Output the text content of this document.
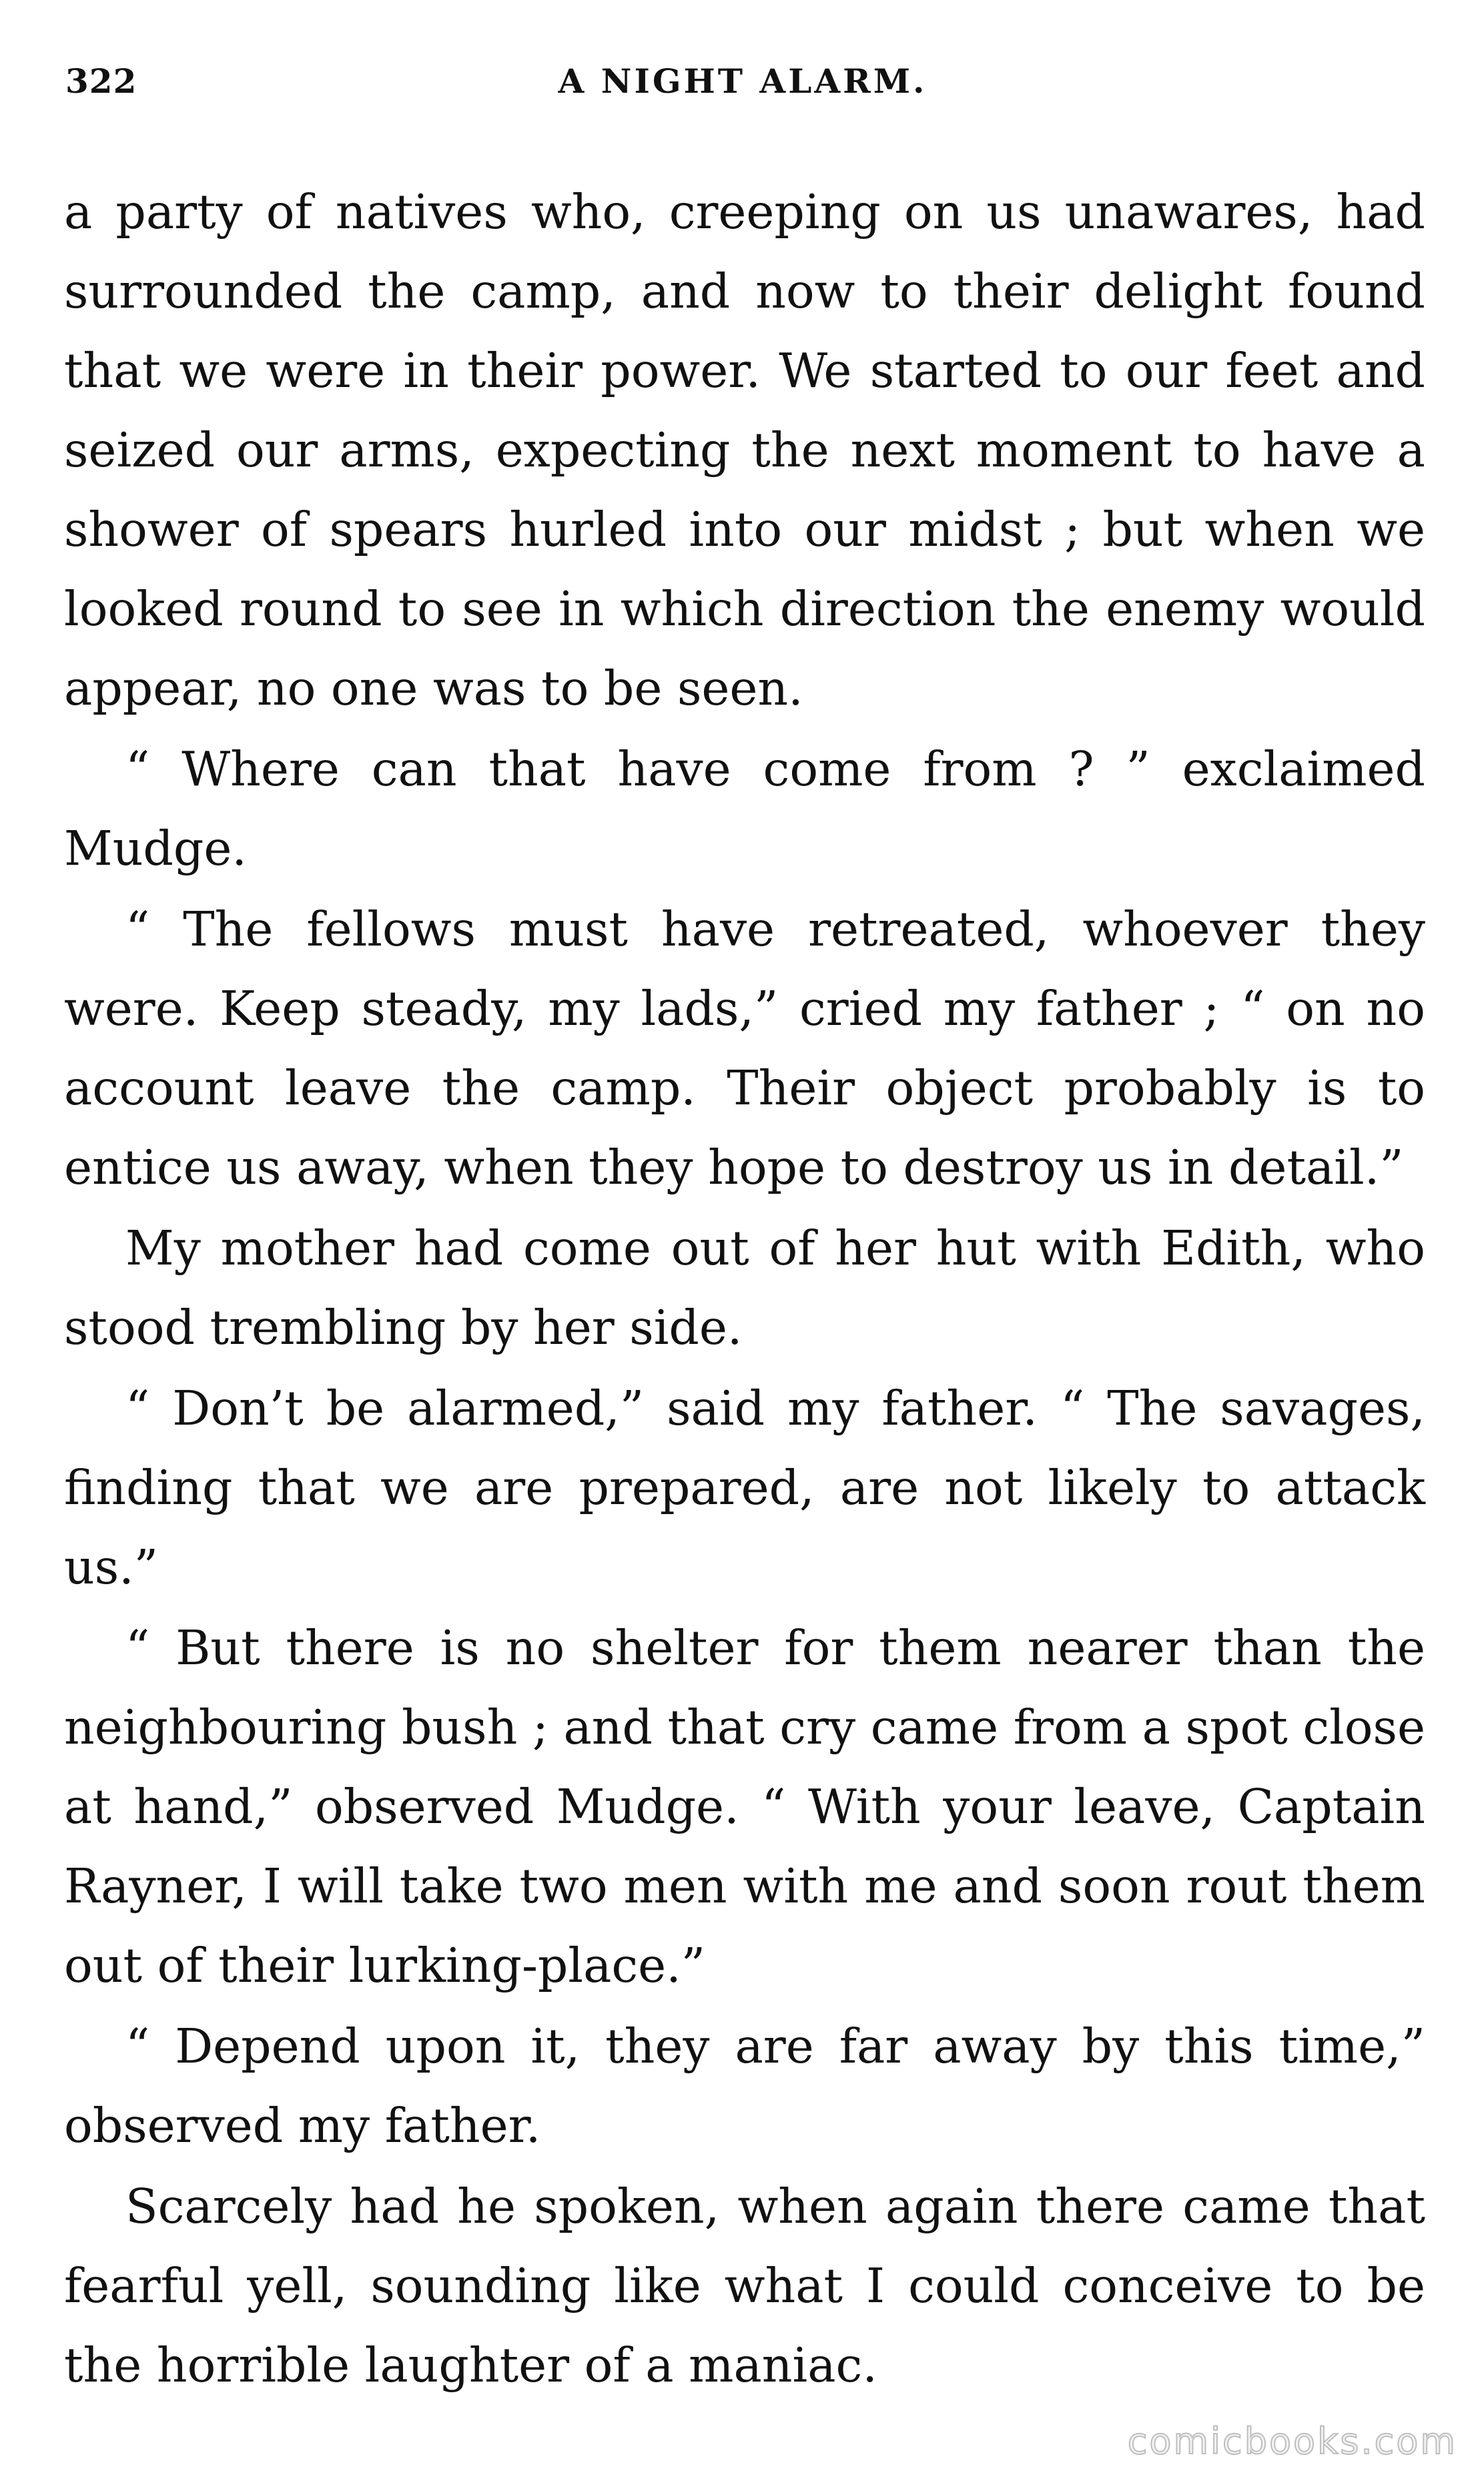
322	A NIGHT ALARM.

a party of natives who, creeping on us unawares, had surrounded the camp, and now to their delight found that we were in their power. We started to our feet and seized our arms, expecting the next moment to have a shower of spears hurled into our midst ; but when we looked round to see in which direction the enemy would appear, no one was to be seen.

“ Where can that have come from ? ” exclaimed Mudge.

“ The fellows must have retreated, whoever they were. Keep steady, my lads,” cried my father ; “ on no account leave the camp. Their object probably is to entice us away, when they hope to destroy us in detail.”

My mother had come out of her hut with Edith, who stood trembling by her side.

“ Don’t be alarmed,” said my father. “ The savages, finding that we are prepared, are not likely to attack us.”

“ But there is no shelter for them nearer than the neighbouring bush ; and that cry came from a spot close at hand,” observed Mudge. “ With your leave, Captain Rayner, I will take two men with me and soon rout them out of their lurking-place.”

“ Depend upon it, they are far away by this time,” observed my father.

Scarcely had he spoken, when again there came that fearful yell, sounding like what I could conceive to be the horrible laughter of a maniac.

comicbooks.com
